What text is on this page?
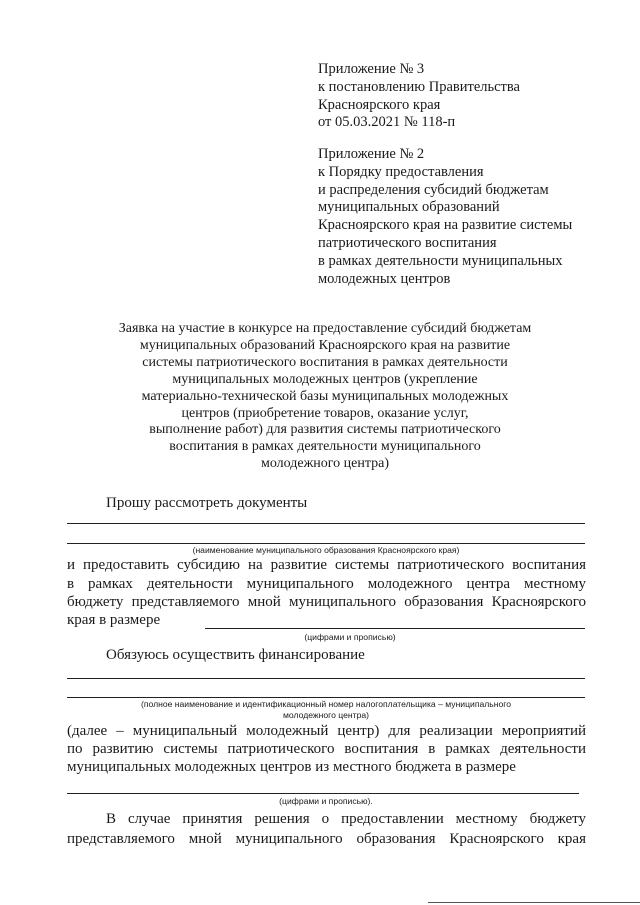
Приложение № 3
к постановлению Правительства
Красноярского края
от 05.03.2021 № 118-п
Приложение № 2
к Порядку предоставления
и распределения субсидий бюджетам
муниципальных образований
Красноярского края на развитие системы
патриотического воспитания
в рамках деятельности муниципальных
молодежных центров
Заявка на участие в конкурсе на предоставление субсидий бюджетам
муниципальных образований Красноярского края на развитие
системы патриотического воспитания в рамках деятельности
муниципальных молодежных центров (укрепление
материально-технической базы муниципальных молодежных
центров (приобретение товаров, оказание услуг,
выполнение работ) для развития системы патриотического
воспитания в рамках деятельности муниципального
молодежного центра)
Прошу рассмотреть документы
(наименование муниципального образования Красноярского края)
и предоставить субсидию на развитие системы патриотического воспитания
в рамках деятельности муниципального молодежного центра местному
бюджету представляемого мной муниципального образования Красноярского
края в размере
(цифрами и прописью)
Обязуюсь осуществить финансирование
(полное наименование и идентификационный номер налогоплательщика – муниципального
молодежного центра)
(далее – муниципальный молодежный центр) для реализации мероприятий
по развитию системы патриотического воспитания в рамках деятельности
муниципальных молодежных центров из местного бюджета в размере
(цифрами и прописью).
В случае принятия решения о предоставлении местному бюджету
представляемого мной муниципального образования Красноярского края
